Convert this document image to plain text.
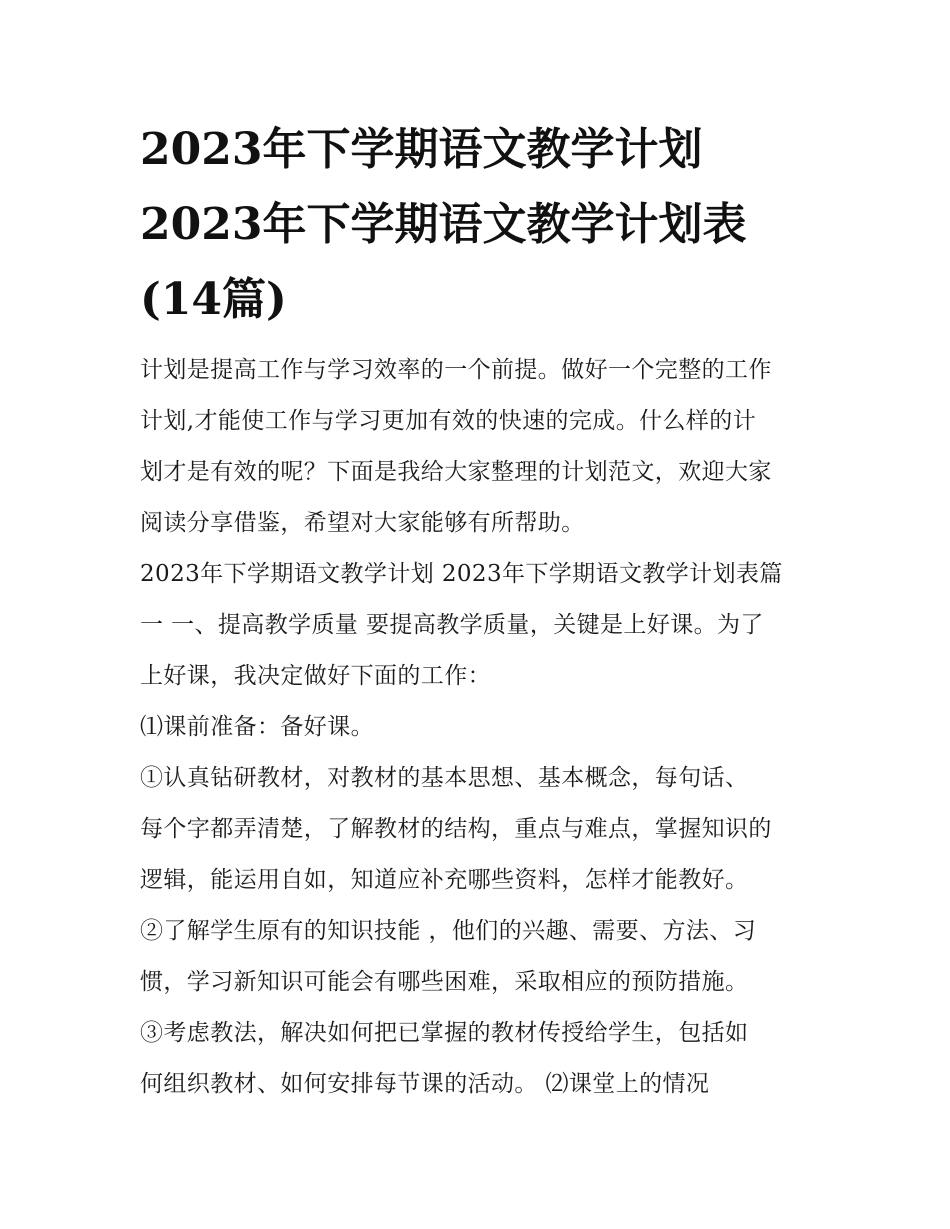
2023年下学期语文教学计划

2023年下学期语文教学计划表

(14篇)

计划是提高工作与学习效率的一个前提。做好一个完整的工作

计划,才能使工作与学习更加有效的快速的完成。什么样的计

划才是有效的呢？下面是我给大家整理的计划范文，欢迎大家

阅读分享借鉴，希望对大家能够有所帮助。

2023年下学期语文教学计划 2023年下学期语文教学计划表篇

一 一、提高教学质量 要提高教学质量，关键是上好课。为了

上好课，我决定做好下面的工作：

⑴课前准备：备好课。

①认真钻研教材，对教材的基本思想、基本概念，每句话、

每个字都弄清楚，了解教材的结构，重点与难点，掌握知识的

逻辑，能运用自如，知道应补充哪些资料，怎样才能教好。

②了解学生原有的知识技能 ，他们的兴趣、需要、方法、习

惯，学习新知识可能会有哪些困难，采取相应的预防措施。

③考虑教法，解决如何把已掌握的教材传授给学生，包括如

何组织教材、如何安排每节课的活动。 ⑵课堂上的情况
